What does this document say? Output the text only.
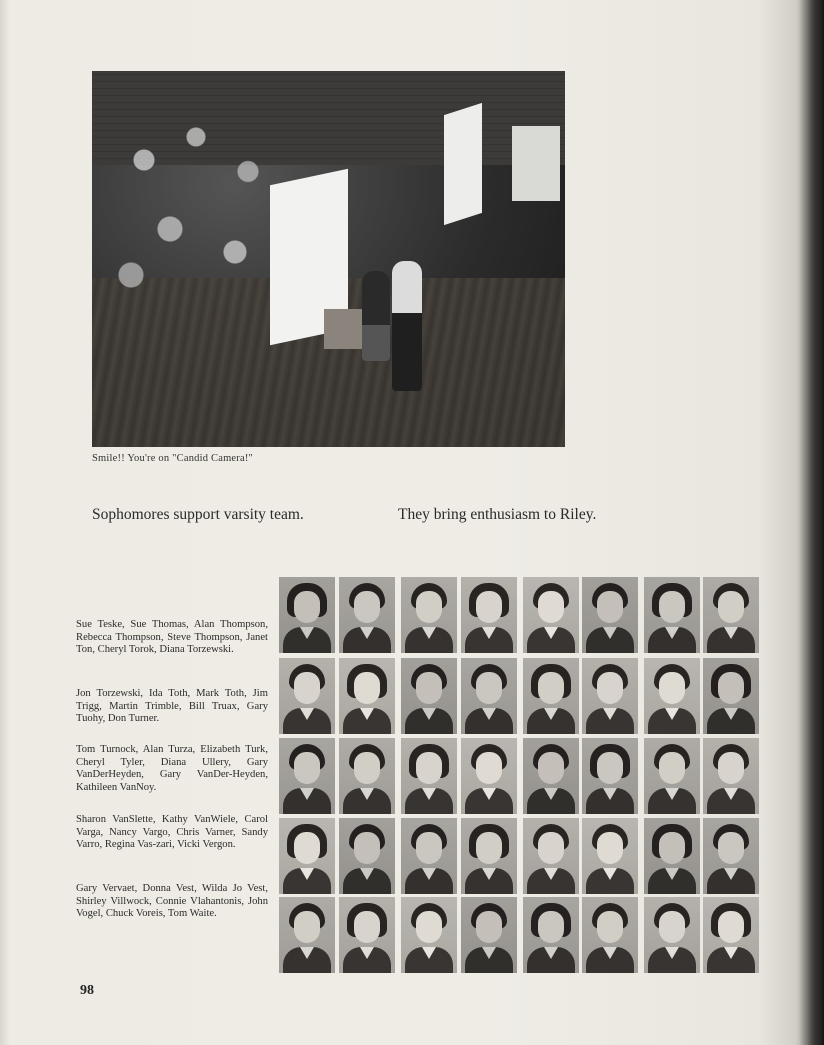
Smile!! You're on "Candid Camera!"
Sophomores support varsity team.	They bring enthusiasm to Riley.
Sue Teske, Sue Thomas, Alan Thompson, Rebecca Thompson, Steve Thompson, Janet Ton, Cheryl Torok, Diana Torzewski.
Jon Torzewski, Ida Toth, Mark Toth, Jim Trigg, Martin Trimble, Bill Truax, Gary Tuohy, Don Turner.
Tom Turnock, Alan Turza, Elizabeth Turk, Cheryl Tyler, Diana Ullery, Gary VanDerHeyden, Gary VanDer-Heyden, Kathileen VanNoy.
Sharon VanSlette, Kathy VanWiele, Carol Varga, Nancy Vargo, Chris Varner, Sandy Varro, Regina Vas-zari, Vicki Vergon.
Gary Vervaet, Donna Vest, Wilda Jo Vest, Shirley Villwock, Connie Vlahantonis, John Vogel, Chuck Voreis, Tom Waite.
98
